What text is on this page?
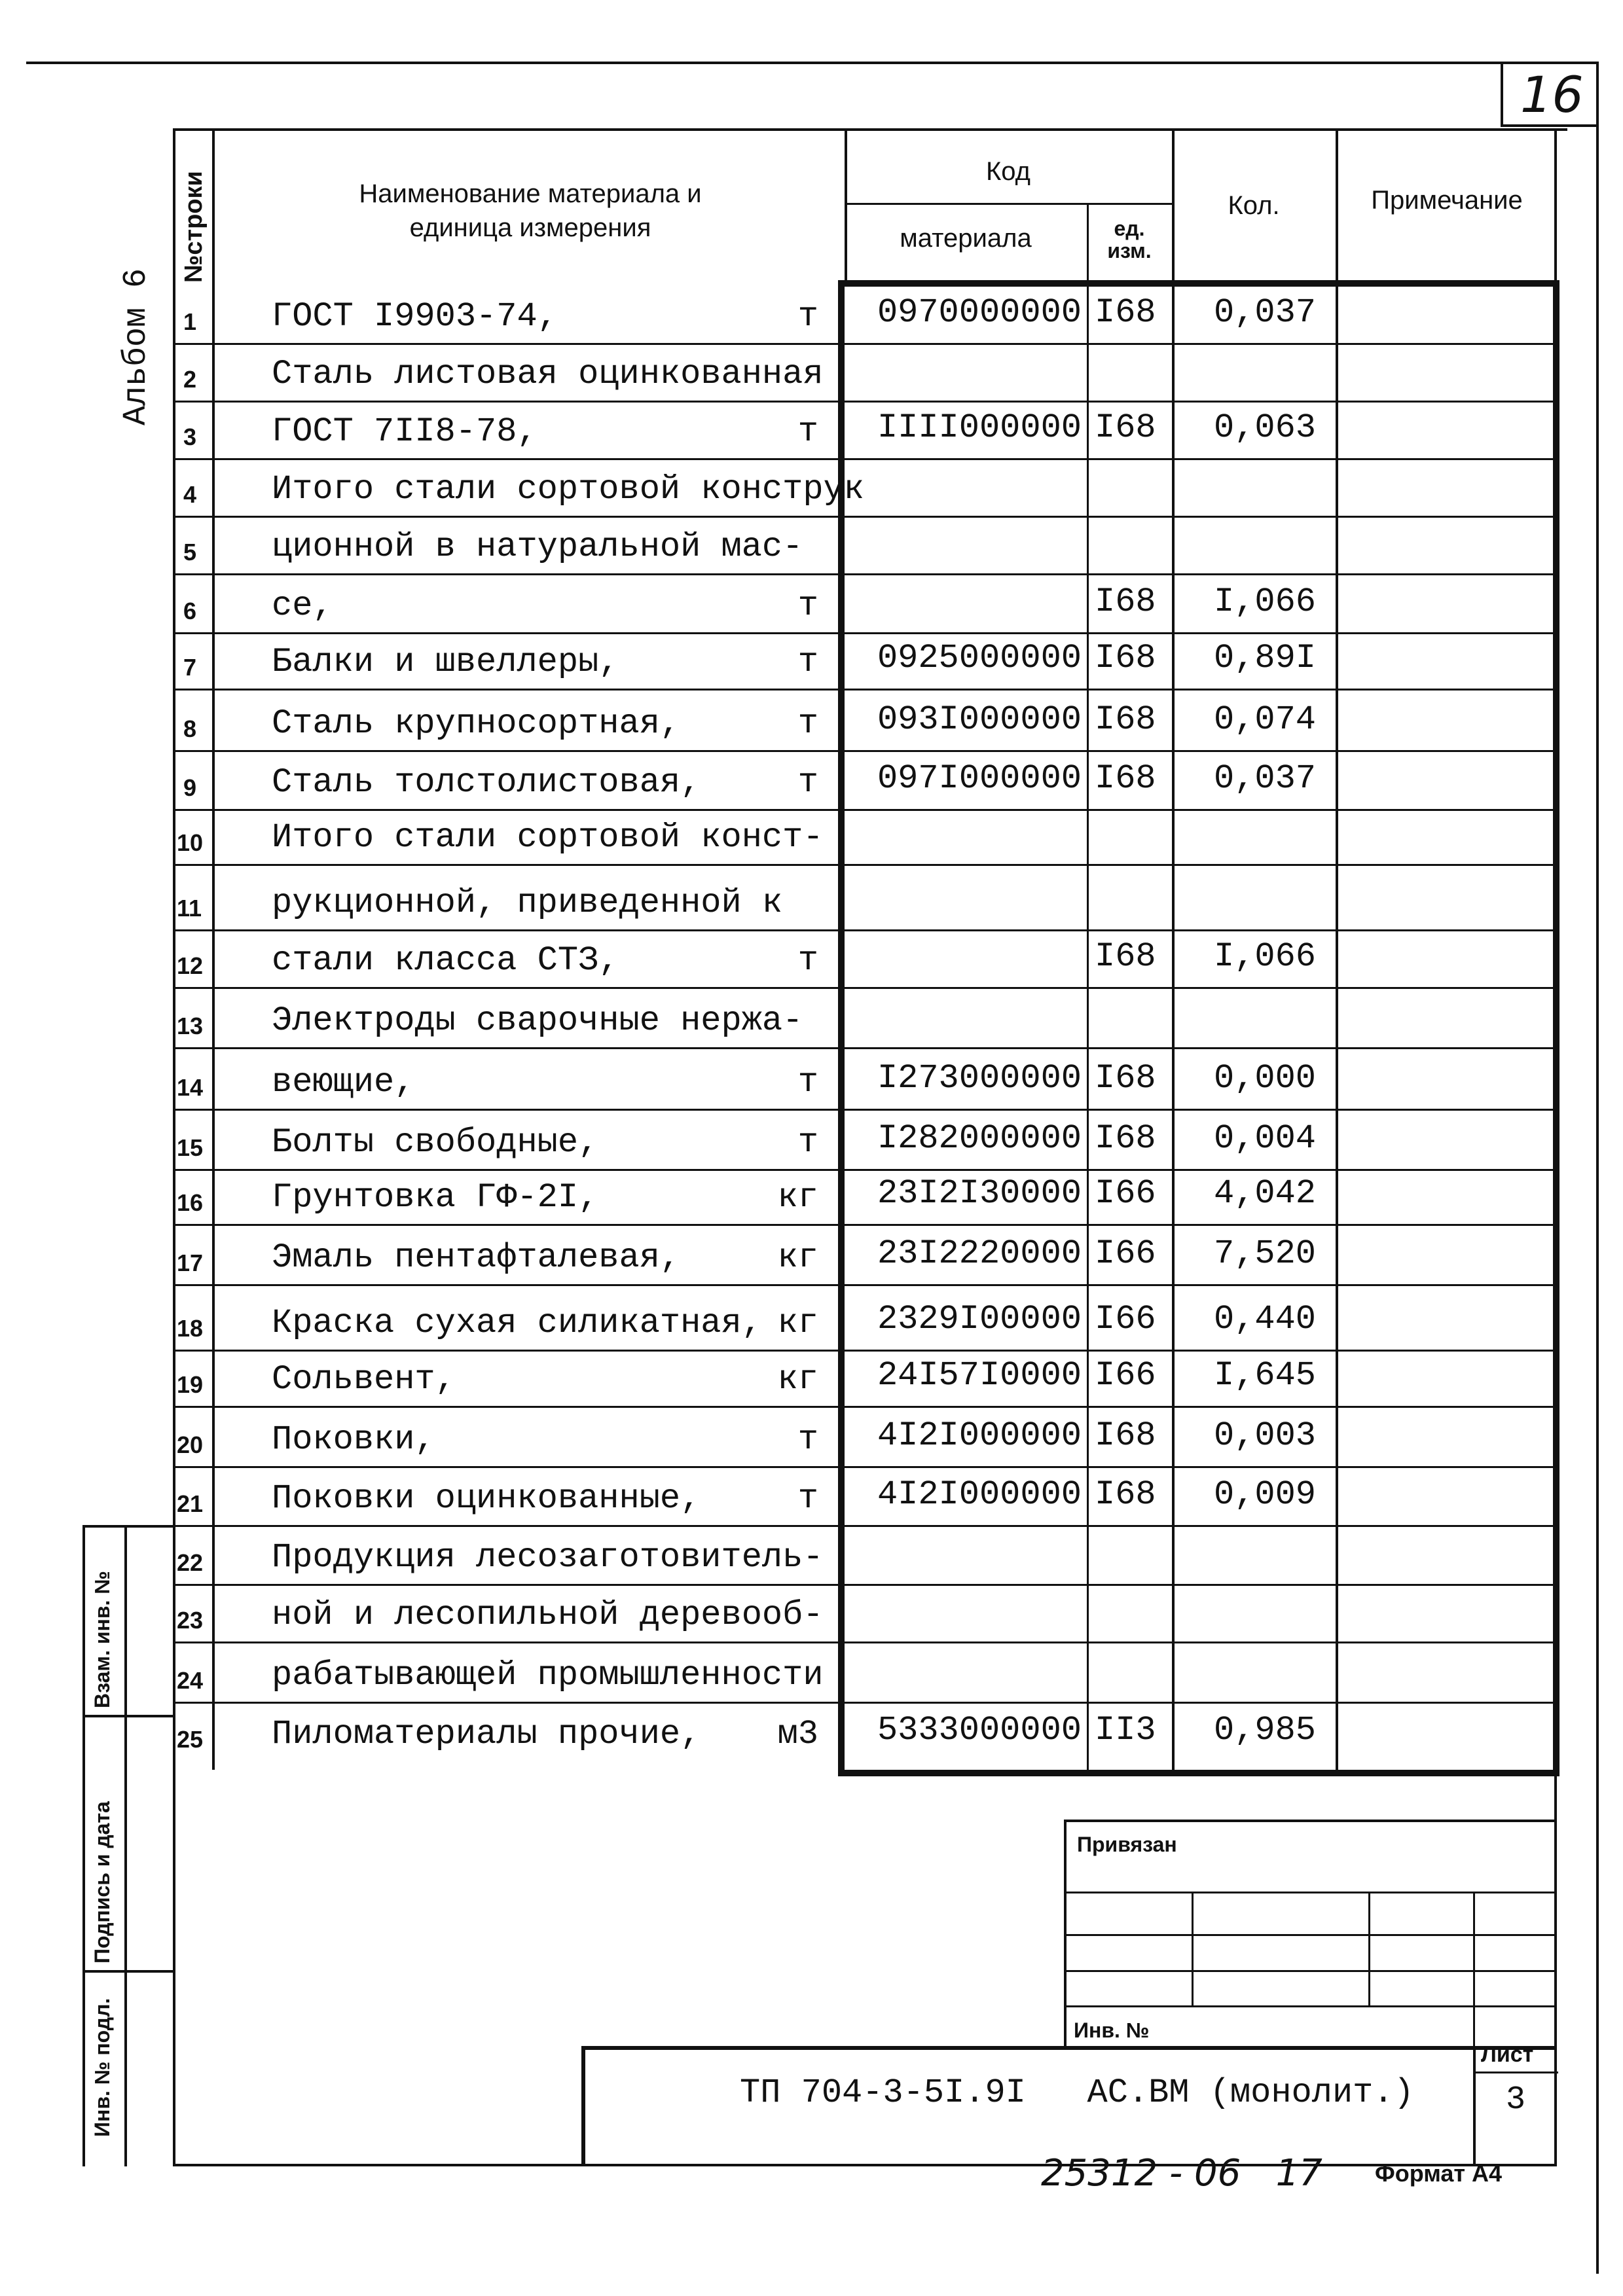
16
Альбом 6
№строки	Наименование материала и
единица измерения
Код
материала	ед.
изм.
Кол.	Примечание
1 ГОСТ I9903-74,	т 0970000000 I68 0,037
2 Сталь листовая оцинкованная
3 ГОСТ 7II8-78,	т IIII000000 I68 0,063
4 Итого стали сортовой конструк
5 ционной в натуральной мас-
6 се,	т	I68 I,066
7 Балки и швеллеры,	т 0925000000 I68 0,89I
8 Сталь крупносортная,	т 093I000000 I68 0,074
9 Сталь толстолистовая,	т 097I000000 I68 0,037
10 Итого стали сортовой конст-
11 рукционной, приведенной к
12 стали класса СТЗ,	т	I68 I,066
13 Электроды сварочные нержа-
14 веющие,	т I273000000 I68 0,000
15 Болты свободные,	т I282000000 I68 0,004
16 Грунтовка ГФ-2I,	кг 23I2I30000 I66 4,042
17 Эмаль пентафталевая,	кг 23I2220000 I66 7,520
18 Краска сухая силикатная, кг 2329I00000 I66 0,440
19 Сольвент,	кг 24I57I0000 I66 I,645
20 Поковки,	т 4I2I000000 I68 0,003
21 Поковки оцинкованные,	т 4I2I000000 I68 0,009
22 Продукция лесозаготовитель-
23 ной и лесопильной деревооб-
24 рабатывающей промышленности
25 Пиломатериалы прочие, м3 5333000000 II3 0,985
Взам. инв. №
Подпись и дата
Инв. № подл.
Привязан
Инв. №
ТП 704-3-5I.9I   АС.ВМ (монолит.)
Лист
3
25312 - 06   17 Формат А4
